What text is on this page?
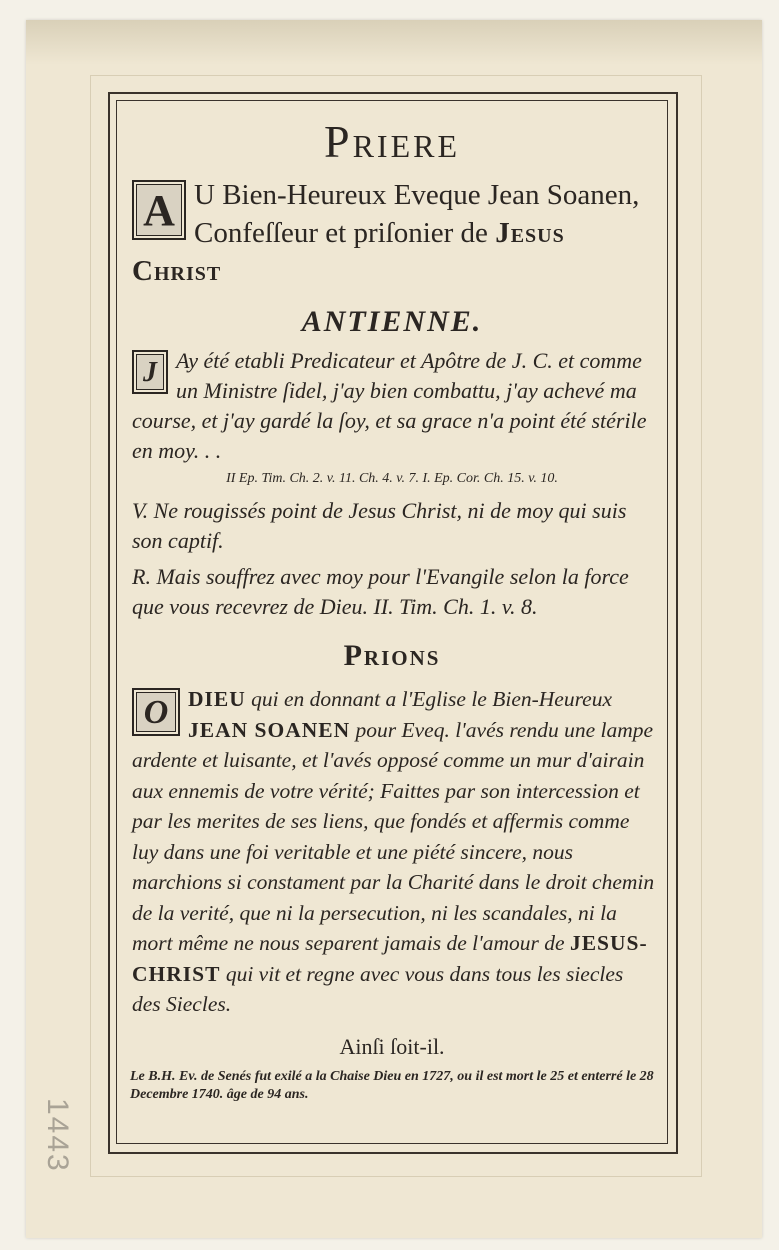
Priere
A U Bien-Heureux Eveque Jean Soanen, Confeſſeur et priſonier de Jesus Christ
ANTIENNE.
J Ay été etabli Predicateur et Apôtre de J. C. et comme un Ministre ſidel, j'ay bien combattu, j'ay achevé ma course, et j'ay gardé la ſoy, et sa grace n'a point été stérile en moy. . .
II Ep. Tim. Ch. 2. v. 11. Ch. 4. v. 7. I. Ep. Cor. Ch. 15. v. 10.
V. Ne rougissés point de Jesus Christ, ni de moy qui suis son captif.
R. Mais souffrez avec moy pour l'Evangile selon la force que vous recevrez de Dieu. II. Tim. Ch. 1. v. 8.
Prions
O DIEU qui en donnant a l'Eglise le Bien-Heureux JEAN SOANEN pour Eveq. l'avés rendu une lampe ardente et luisante, et l'avés opposé comme un mur d'airain aux ennemis de votre vérité; Faittes par son intercession et par les merites de ses liens, que fondés et affermis comme luy dans une foi veritable et une piété sincere, nous marchions si constament par la Charité dans le droit chemin de la verité, que ni la persecution, ni les scandales, ni la mort même ne nous separent jamais de l'amour de JESUS-CHRIST qui vit et regne avec vous dans tous les siecles des Siecles.
Ainſi ſoit-il.
Le B.H. Ev. de Senés fut exilé a la Chaise Dieu en 1727, ou il est mort le 25 et enterré le 28 Decembre 1740. âge de 94 ans.
1443
